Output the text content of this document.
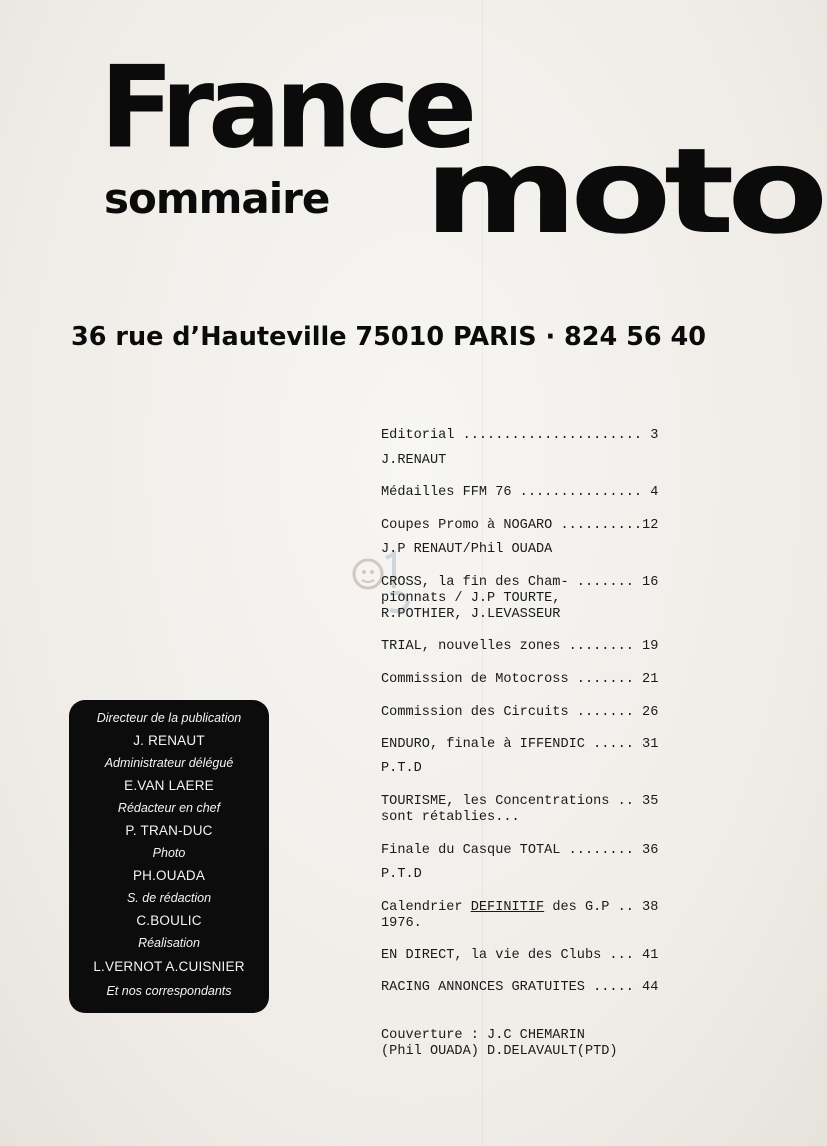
France
sommaire moto
36 rue d’Hauteville 75010 PARIS · 824 56 40
Editorial ...................... 3
J.RENAUT
Médailles FFM 76 ............... 4
Coupes Promo à NOGARO ..........12
J.P RENAUT/Phil OUADA
CROSS, la fin des Cham- ....... 16
pionnats / J.P TOURTE,
R.POTHIER, J.LEVASSEUR
TRIAL, nouvelles zones ........ 19
Commission de Motocross ....... 21
Commission des Circuits ....... 26
ENDURO, finale à IFFENDIC ..... 31
P.T.D
TOURISME, les Concentrations .. 35
sont rétablies...
Finale du Casque TOTAL ........ 36
P.T.D
Calendrier DEFINITIF des G.P .. 38
1976.
EN DIRECT, la vie des Clubs ... 41
RACING ANNONCES GRATUITES ..... 44
Couverture : J.C CHEMARIN
(Phil OUADA) D.DELAVAULT(PTD)
Directeur de la publication
J. RENAUT
Administrateur délégué
E.VAN LAERE
Rédacteur en chef
P. TRAN-DUC
Photo
PH.OUADA
S. de rédaction
C.BOULIC
Réalisation
L.VERNOT A.CUISNIER
Et nos correspondants
